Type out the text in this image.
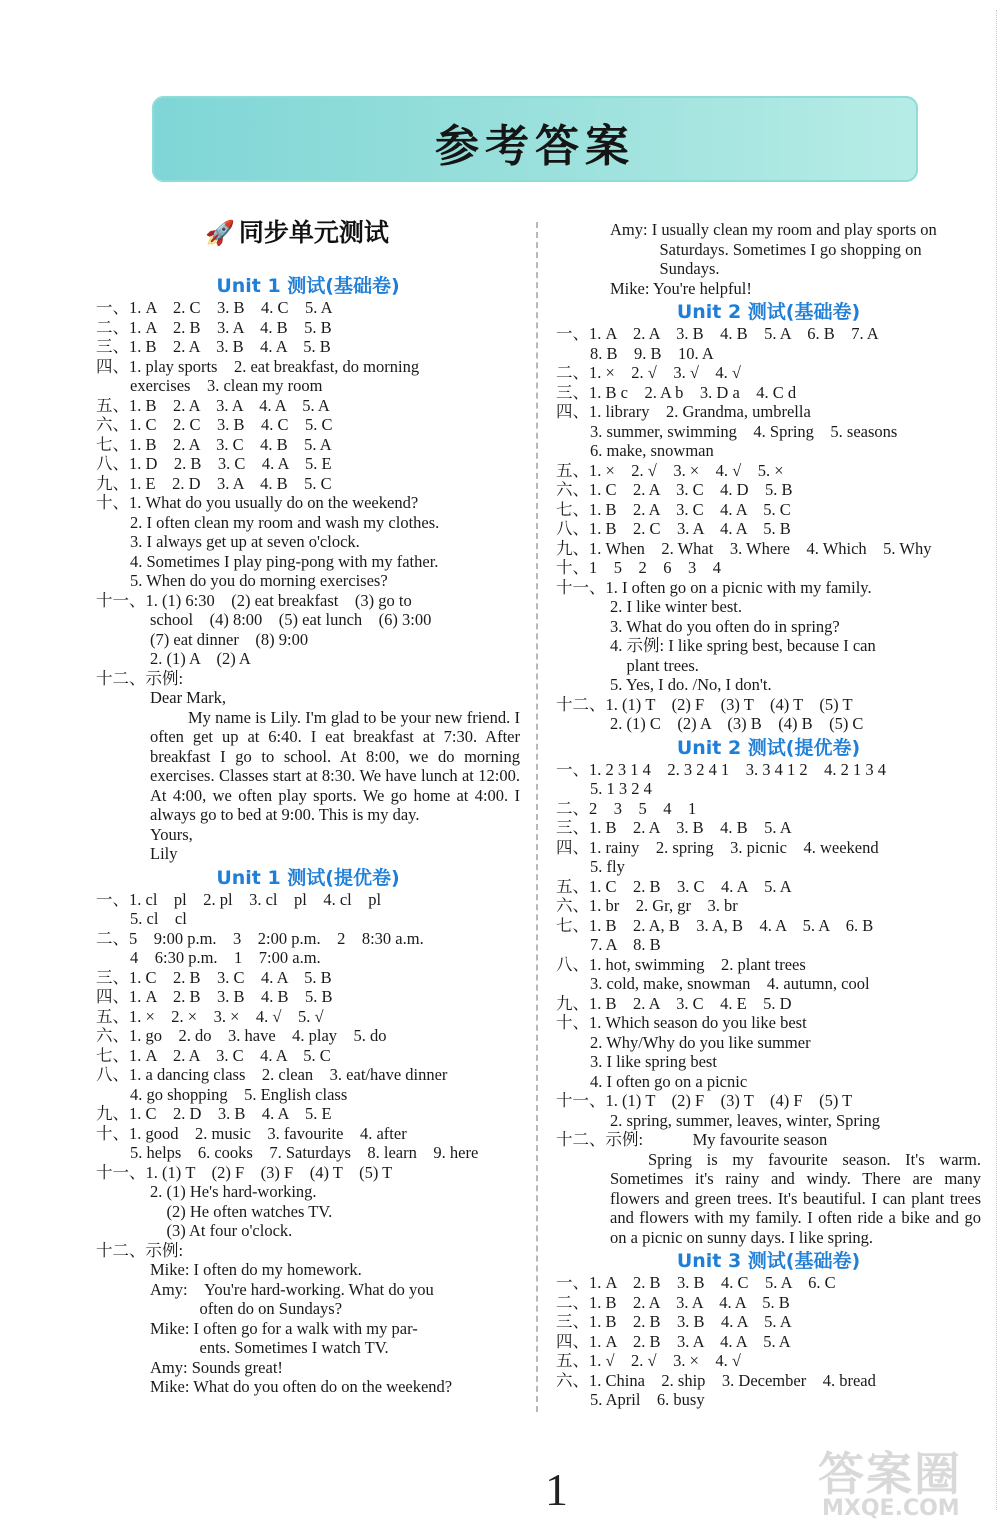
参考答案
🚀 同步单元测试
Unit 1 测试(基础卷)
一、1. A　2. C　3. B　4. C　5. A
二、1. A　2. B　3. A　4. B　5. B
三、1. B　2. A　3. B　4. A　5. B
四、1. play sports　2. eat breakfast, do morning
exercises　3. clean my room
五、1. B　2. A　3. A　4. A　5. A
六、1. C　2. C　3. B　4. C　5. C
七、1. B　2. A　3. C　4. B　5. A
八、1. D　2. B　3. C　4. A　5. E
九、1. E　2. D　3. A　4. B　5. C
十、1. What do you usually do on the weekend?
2. I often clean my room and wash my clothes.
3. I always get up at seven o'clock.
4. Sometimes I play ping-pong with my father.
5. When do you do morning exercises?
十一、1. (1) 6:30　(2) eat breakfast　(3) go to
school　(4) 8:00　(5) eat lunch　(6) 3:00
(7) eat dinner　(8) 9:00
2. (1) A　(2) A
十二、示例:
Dear Mark,
My name is Lily. I'm glad to be your new friend. I often get up at 6:40. I eat breakfast at 7:30. After breakfast I go to school. At 8:00, we do morning exercises. Classes start at 8:30. We have lunch at 12:00. At 4:00, we often play sports. We go home at 4:00. I always go to bed at 9:00. This is my day.
Yours,
Lily
Unit 1 测试(提优卷)
一、1. cl　pl　2. pl　3. cl　pl　4. cl　pl
5. cl　cl
二、5　9:00 p.m.　3　2:00 p.m.　2　8:30 a.m.
4　6:30 p.m.　1　7:00 a.m.
三、1. C　2. B　3. C　4. A　5. B
四、1. A　2. B　3. B　4. B　5. B
五、1. ×　2. ×　3. ×　4. √　5. √
六、1. go　2. do　3. have　4. play　5. do
七、1. A　2. A　3. C　4. A　5. C
八、1. a dancing class　2. clean　3. eat/have dinner
4. go shopping　5. English class
九、1. C　2. D　3. B　4. A　5. E
十、1. good　2. music　3. favourite　4. after
5. helps　6. cooks　7. Saturdays　8. learn　9. here
十一、1. (1) T　(2) F　(3) F　(4) T　(5) T
2. (1) He's hard-working.
　(2) He often watches TV.
　(3) At four o'clock.
十二、示例:
Mike: I often do my homework.
Amy:　You're hard-working. What do you
　　　often do on Sundays?
Mike: I often go for a walk with my par-
　　　ents. Sometimes I watch TV.
Amy: Sounds great!
Mike: What do you often do on the weekend?
Amy: I usually clean my room and play sports on
　　　Saturdays. Sometimes I go shopping on
　　　Sundays.
Mike: You're helpful!
Unit 2 测试(基础卷)
一、1. A　2. A　3. B　4. B　5. A　6. B　7. A
8. B　9. B　10. A
二、1. ×　2. √　3. √　4. √
三、1. B c　2. A b　3. D a　4. C d
四、1. library　2. Grandma, umbrella
3. summer, swimming　4. Spring　5. seasons
6. make, snowman
五、1. ×　2. √　3. ×　4. √　5. ×
六、1. C　2. A　3. C　4. D　5. B
七、1. B　2. A　3. C　4. A　5. C
八、1. B　2. C　3. A　4. A　5. B
九、1. When　2. What　3. Where　4. Which　5. Why
十、1　5　2　6　3　4
十一、1. I often go on a picnic with my family.
2. I like winter best.
3. What do you often do in spring?
4. 示例: I like spring best, because I can
　plant trees.
5. Yes, I do. /No, I don't.
十二、1. (1) T　(2) F　(3) T　(4) T　(5) T
2. (1) C　(2) A　(3) B　(4) B　(5) C
Unit 2 测试(提优卷)
一、1. 2 3 1 4　2. 3 2 4 1　3. 3 4 1 2　4. 2 1 3 4
5. 1 3 2 4
二、2　3　5　4　1
三、1. B　2. A　3. B　4. B　5. A
四、1. rainy　2. spring　3. picnic　4. weekend
5. fly
五、1. C　2. B　3. C　4. A　5. A
六、1. br　2. Gr, gr　3. br
七、1. B　2. A, B　3. A, B　4. A　5. A　6. B
7. A　8. B
八、1. hot, swimming　2. plant trees
3. cold, make, snowman　4. autumn, cool
九、1. B　2. A　3. C　4. E　5. D
十、1. Which season do you like best
2. Why/Why do you like summer
3. I like spring best
4. I often go on a picnic
十一、1. (1) T　(2) F　(3) T　(4) F　(5) T
2. spring, summer, leaves, winter, Spring
十二、示例:　　　My favourite season
Spring is my favourite season. It's warm. Sometimes it's rainy and windy. There are many flowers and green trees. It's beautiful. I can plant trees and flowers with my family. I often ride a bike and go on a picnic on sunny days. I like spring.
Unit 3 测试(基础卷)
一、1. A　2. B　3. B　4. C　5. A　6. C
二、1. B　2. A　3. A　4. A　5. B
三、1. B　2. B　3. B　4. A　5. A
四、1. A　2. B　3. A　4. A　5. A
五、1. √　2. √　3. ×　4. √
六、1. China　2. ship　3. December　4. bread
5. April　6. busy
1	答案圈
MXQE.COM
